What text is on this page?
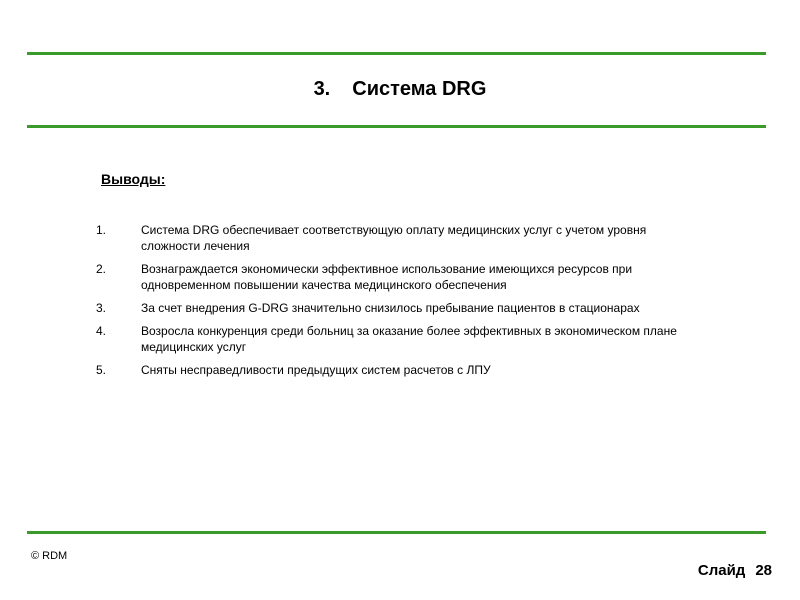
3. Система DRG
Выводы:
1.	Система DRG обеспечивает соответствующую оплату медицинских услуг с учетом уровня сложности лечения
2.	Вознаграждается экономически эффективное использование имеющихся ресурсов при одновременном повышении качества медицинского обеспечения
3.	За счет внедрения G-DRG значительно снизилось пребывание пациентов в стационарах
4.	Возросла конкуренция среди больниц за оказание более эффективных в экономическом плане медицинских услуг
5.	Сняты несправедливости предыдущих систем расчетов с ЛПУ
© RDM
Слайд 28
